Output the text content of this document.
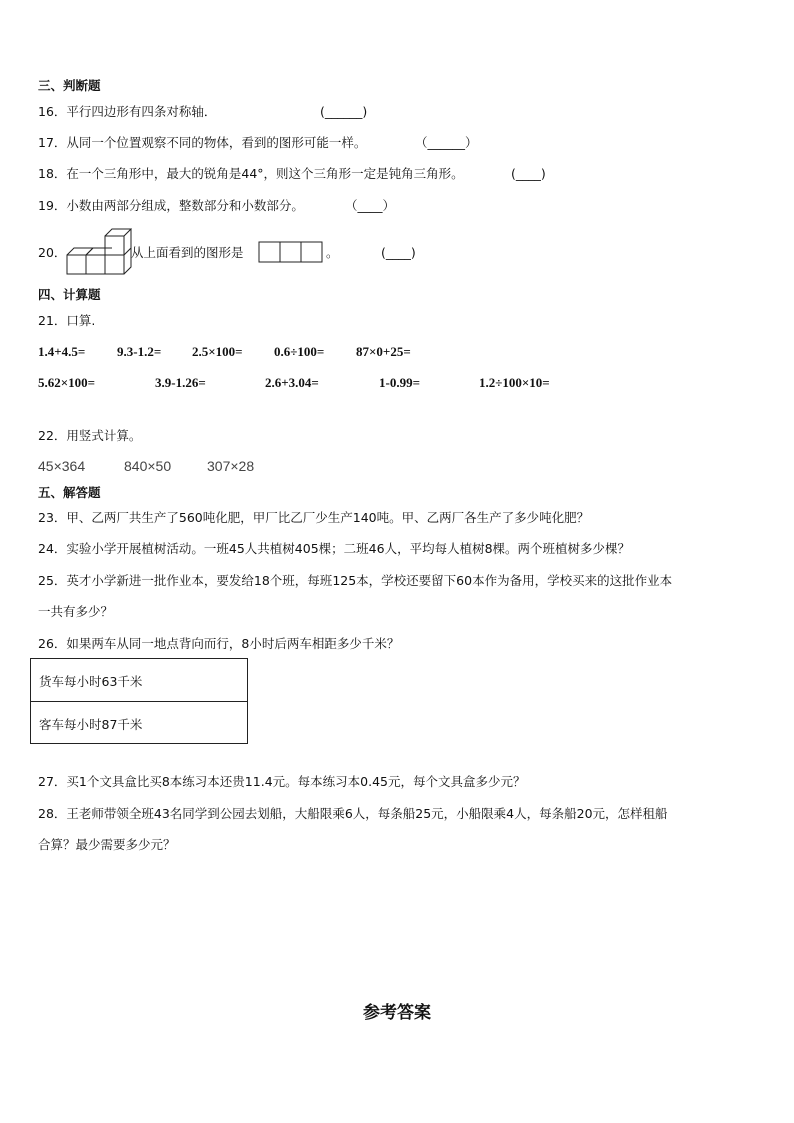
三、判断题
16．平行四边形有四条对称轴．	(______)
17．从同一个位置观察不同的物体，看到的图形可能一样。	（______）
18．在一个三角形中，最大的锐角是44°，则这个三角形一定是钝角三角形。	(____)
19．小数由两部分组成，整数部分和小数部分。	（____）
20．	从上面看到的图形是	。	(____)
四、计算题
21．口算.
1.4+4.5= 9.3-1.2= 2.5×100= 0.6÷100= 87×0+25=
5.62×100=	3.9-1.26=	2.6+3.04=	1-0.99=	1.2÷100×10=
22．用竖式计算。
45×364	840×50	307×28
五、解答题
23．甲、乙两厂共生产了560吨化肥，甲厂比乙厂少生产140吨。甲、乙两厂各生产了多少吨化肥？
24．实验小学开展植树活动。一班45人共植树405棵；二班46人，平均每人植树8棵。两个班植树多少棵？
25．英才小学新进一批作业本，要发给18个班，每班125本，学校还要留下60本作为备用，学校买来的这批作业本
一共有多少？
26．如果两车从同一地点背向而行，8小时后两车相距多少千米？
货车每小时63千米
客车每小时87千米
27．买1个文具盒比买8本练习本还贵11.4元。每本练习本0.45元，每个文具盒多少元？
28．王老师带领全班43名同学到公园去划船，大船限乘6人，每条船25元，小船限乘4人，每条船20元，怎样租船
合算？最少需要多少元？
参考答案
